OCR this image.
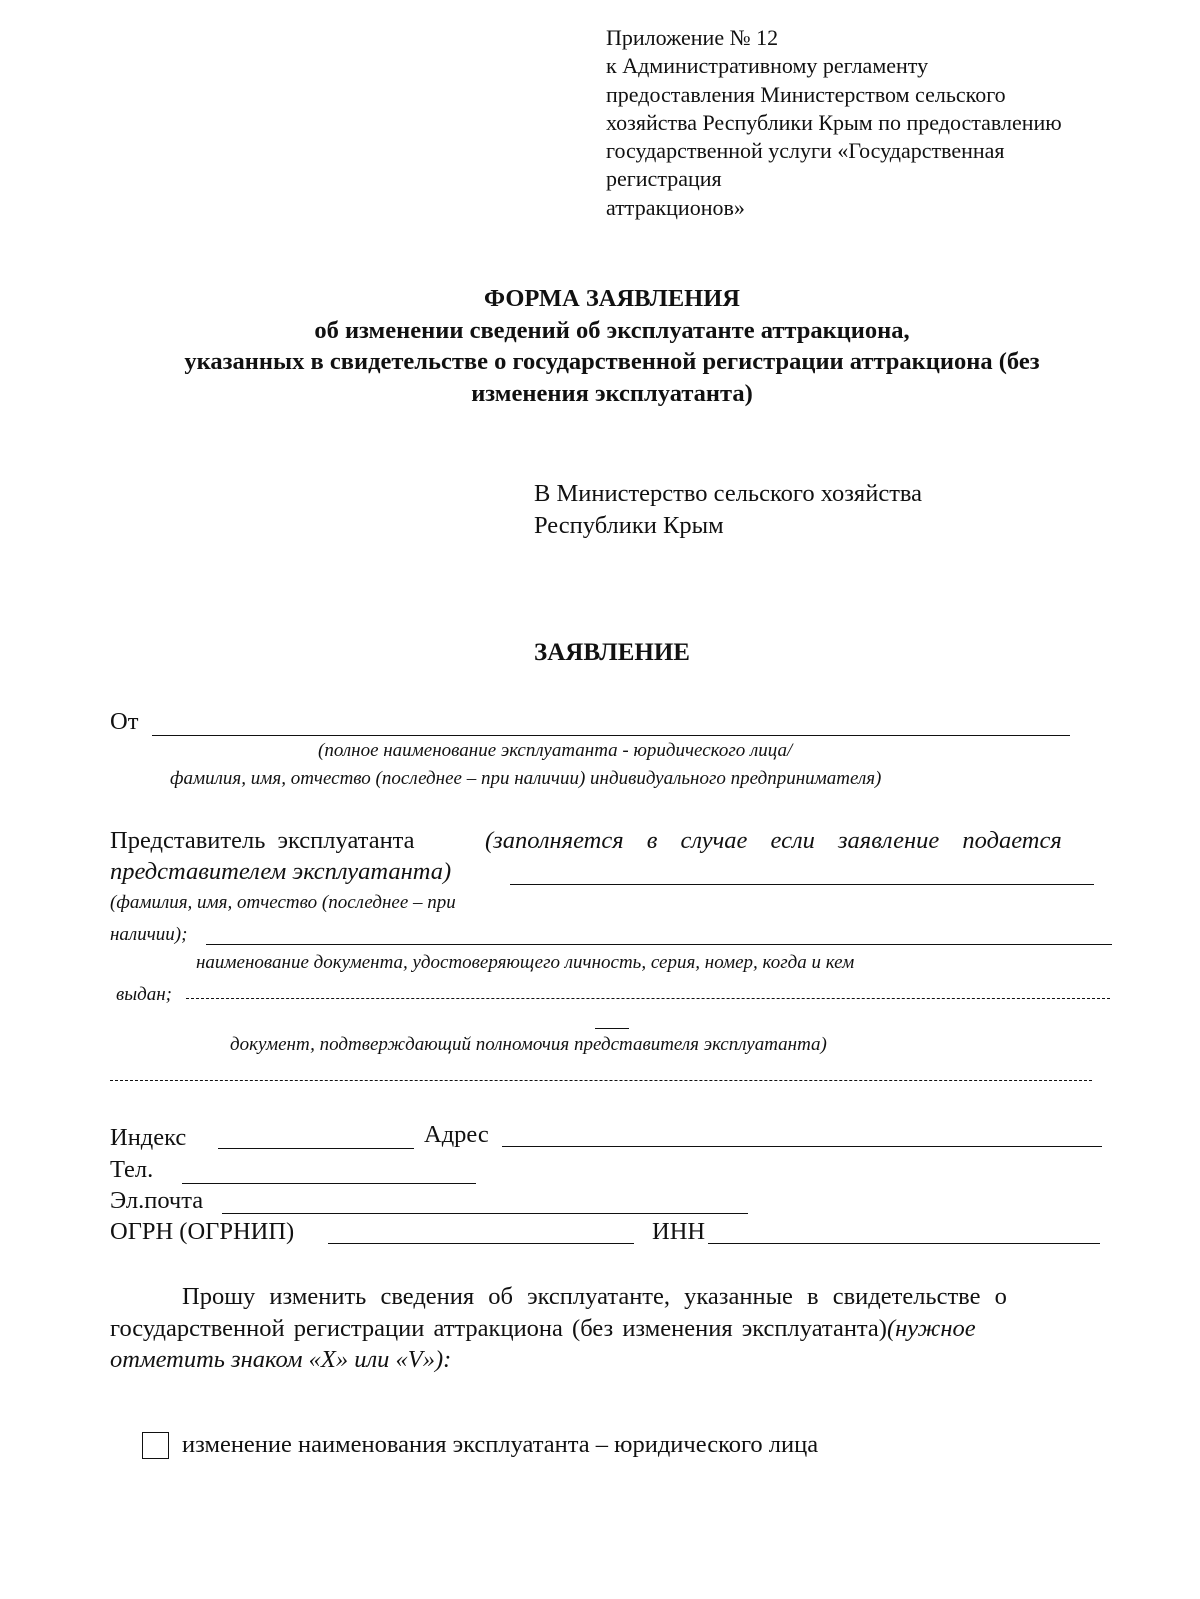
Приложение № 12
к Административному регламенту
предоставления Министерством сельского
хозяйства Республики Крым по предоставлению
государственной услуги «Государственная
регистрация
аттракционов»
ФОРМА ЗАЯВЛЕНИЯ
об изменении сведений об эксплуатанте аттракциона,
указанных в свидетельстве о государственной регистрации аттракциона (без
изменения эксплуатанта)
В Министерство сельского хозяйства
Республики Крым
ЗАЯВЛЕНИЕ
От
(полное наименование эксплуатанта - юридического лица/
фамилия, имя, отчество (последнее – при наличии) индивидуального предпринимателя)
Представитель эксплуатанта	(заполняется в случае если заявление подается
представителем эксплуатанта)
(фамилия, имя, отчество (последнее – при
наличии);
наименование документа, удостоверяющего личность, серия, номер, когда и кем
выдан;
документ, подтверждающий полномочия представителя эксплуатанта)
Индекс	Адрес
Тел.
Эл.почта
ОГРН (ОГРНИП)	ИНН
Прошу изменить сведения об эксплуатанте, указанные в свидетельстве о
государственной регистрации аттракциона (без изменения эксплуатанта)(нужное
отметить знаком «X» или «V»):
изменение наименования эксплуатанта – юридического лица
